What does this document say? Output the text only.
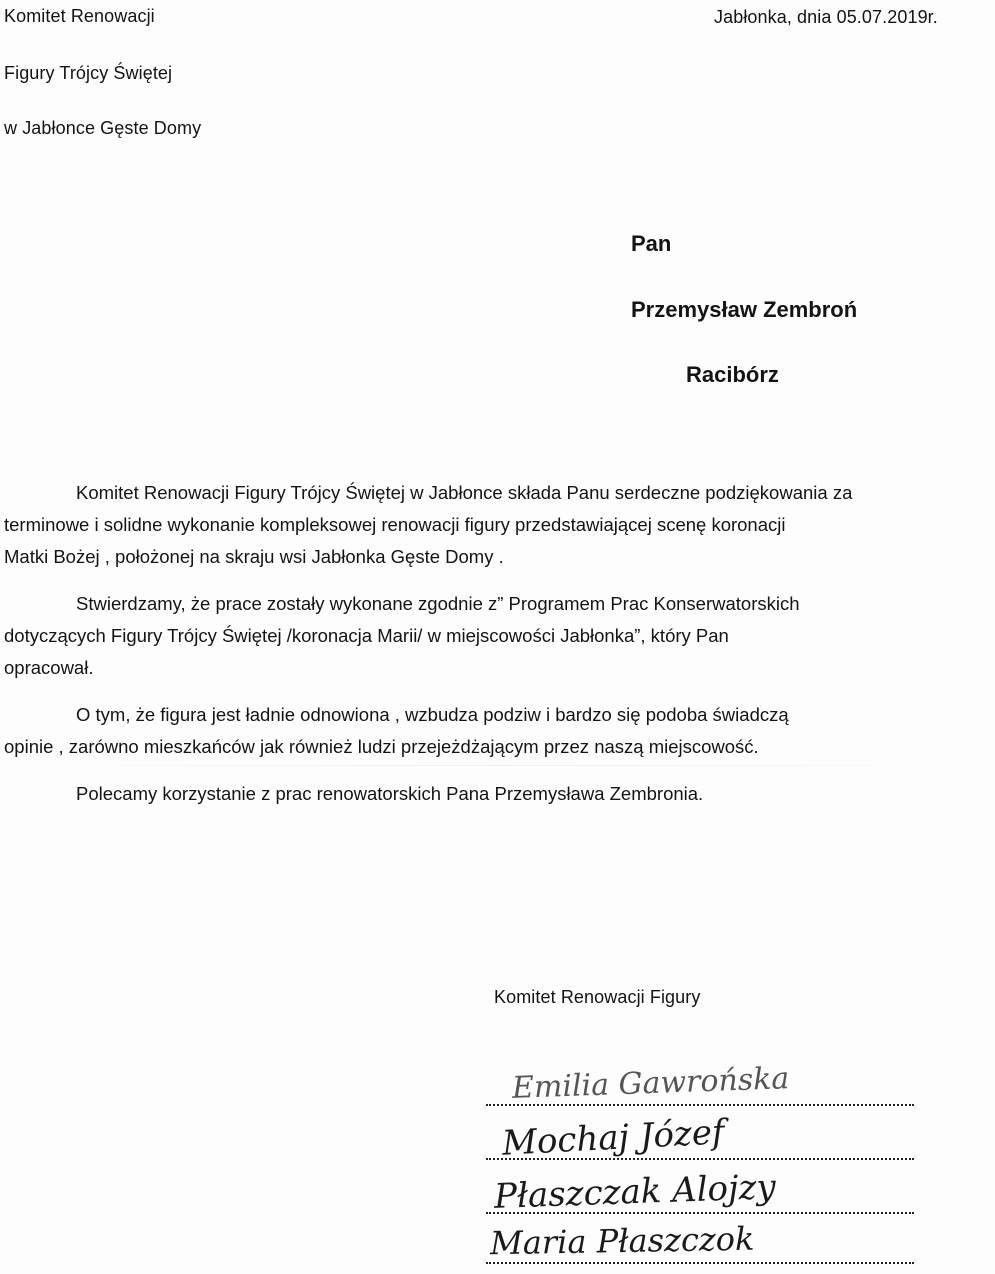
Komitet Renowacji
Figury Trójcy Świętej
w Jabłonce Gęste Domy
Jabłonka, dnia 05.07.2019r.
Pan
Przemysław Zembroń
Racibórz
Komitet Renowacji Figury Trójcy Świętej w Jabłonce składa Panu serdeczne podziękowania za
terminowe i solidne wykonanie kompleksowej renowacji figury przedstawiającej scenę koronacji
Matki Bożej , położonej na skraju wsi Jabłonka Gęste Domy .
Stwierdzamy, że prace zostały wykonane zgodnie z” Programem Prac Konserwatorskich
dotyczących Figury Trójcy Świętej /koronacja Marii/ w miejscowości Jabłonka”, który Pan
opracował.
O tym, że figura jest ładnie odnowiona , wzbudza podziw i bardzo się podoba świadczą
opinie , zarówno mieszkańców jak również ludzi przejeżdżającym przez naszą miejscowość.
Polecamy korzystanie z prac renowatorskich Pana Przemysława Zembronia.
Komitet Renowacji Figury
Emilia Gawrońska
Mochaj Józef
Płaszczak Alojzy
Maria Płaszczok
